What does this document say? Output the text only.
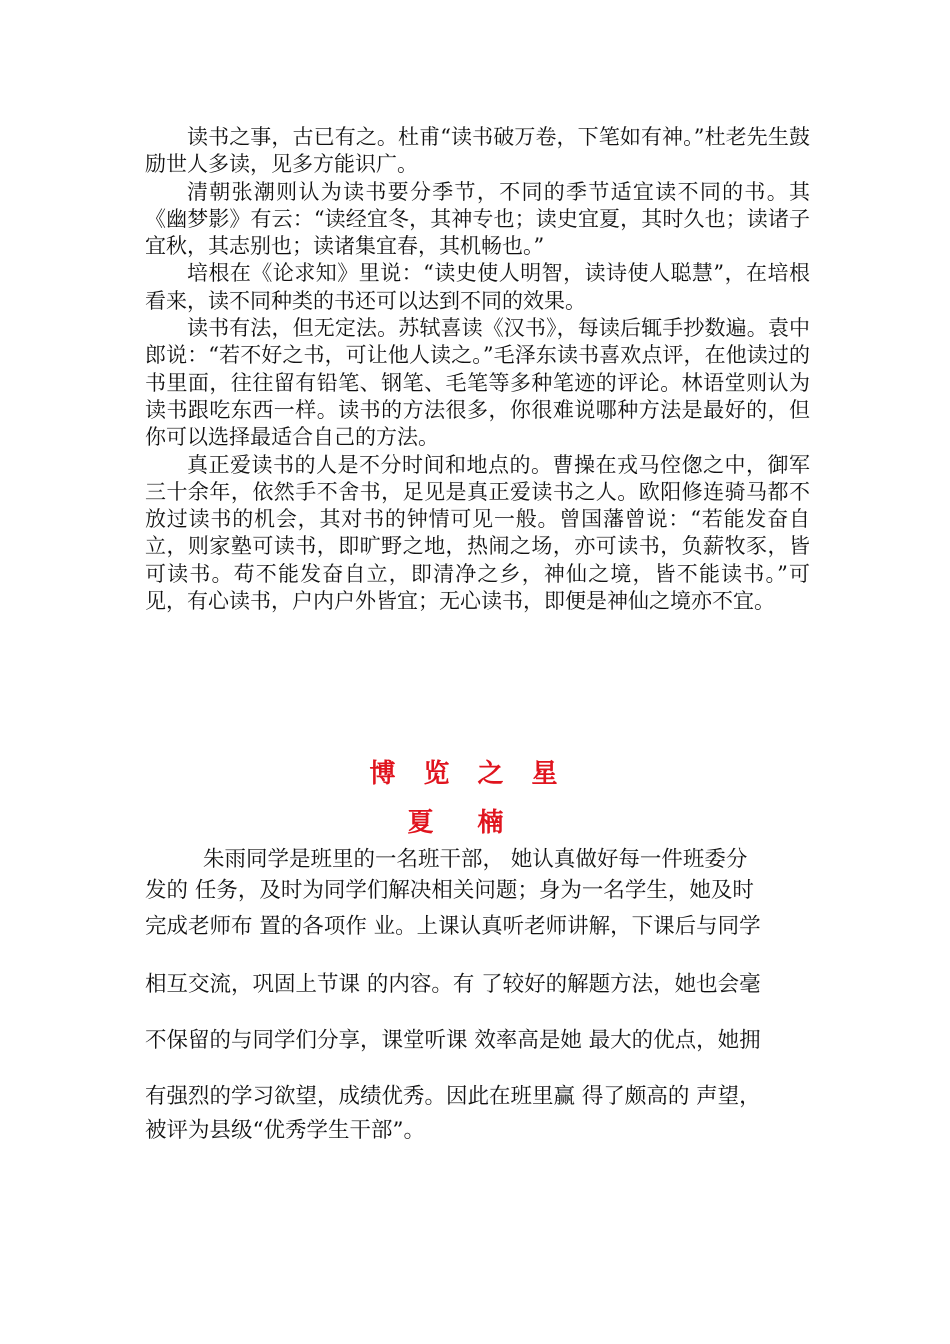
读书之事，古已有之。杜甫“读书破万卷，下笔如有神。”杜老先生鼓励世人多读，见多方能识广。

清朝张潮则认为读书要分季节，不同的季节适宜读不同的书。其《幽梦影》有云：“读经宜冬，其神专也；读史宜夏，其时久也；读诸子宜秋，其志别也；读诸集宜春，其机畅也。”

培根在《论求知》里说：“读史使人明智，读诗使人聪慧”，在培根看来，读不同种类的书还可以达到不同的效果。

读书有法，但无定法。苏轼喜读《汉书》，每读后辄手抄数遍。袁中郎说：“若不好之书，可让他人读之。”毛泽东读书喜欢点评，在他读过的书里面，往往留有铅笔、钢笔、毛笔等多种笔迹的评论。林语堂则认为读书跟吃东西一样。读书的方法很多，你很难说哪种方法是最好的，但你可以选择最适合自己的方法。

真正爱读书的人是不分时间和地点的。曹操在戎马倥偬之中，御军三十余年，依然手不舍书，足见是真正爱读书之人。欧阳修连骑马都不放过读书的机会，其对书的钟情可见一般。曾国藩曾说：“若能发奋自立，则家塾可读书，即旷野之地，热闹之场，亦可读书，负薪牧豕，皆可读书。苟不能发奋自立，即清净之乡，神仙之境，皆不能读书。”可见，有心读书，户内户外皆宜；无心读书，即便是神仙之境亦不宜。

博览之星
夏楠
朱雨同学是班里的一名班干部， 她认真做好每一件班委分
发的 任务，及时为同学们解决相关问题；身为一名学生，她及时
完成老师布 置的各项作 业。上课认真听老师讲解，下课后与同学
相互交流，巩固上节课 的内容。有 了较好的解题方法，她也会毫
不保留的与同学们分享，课堂听课 效率高是她 最大的优点，她拥
有强烈的学习欲望，成绩优秀。因此在班里赢 得了颇高的 声望，
被评为县级“优秀学生干部”。
